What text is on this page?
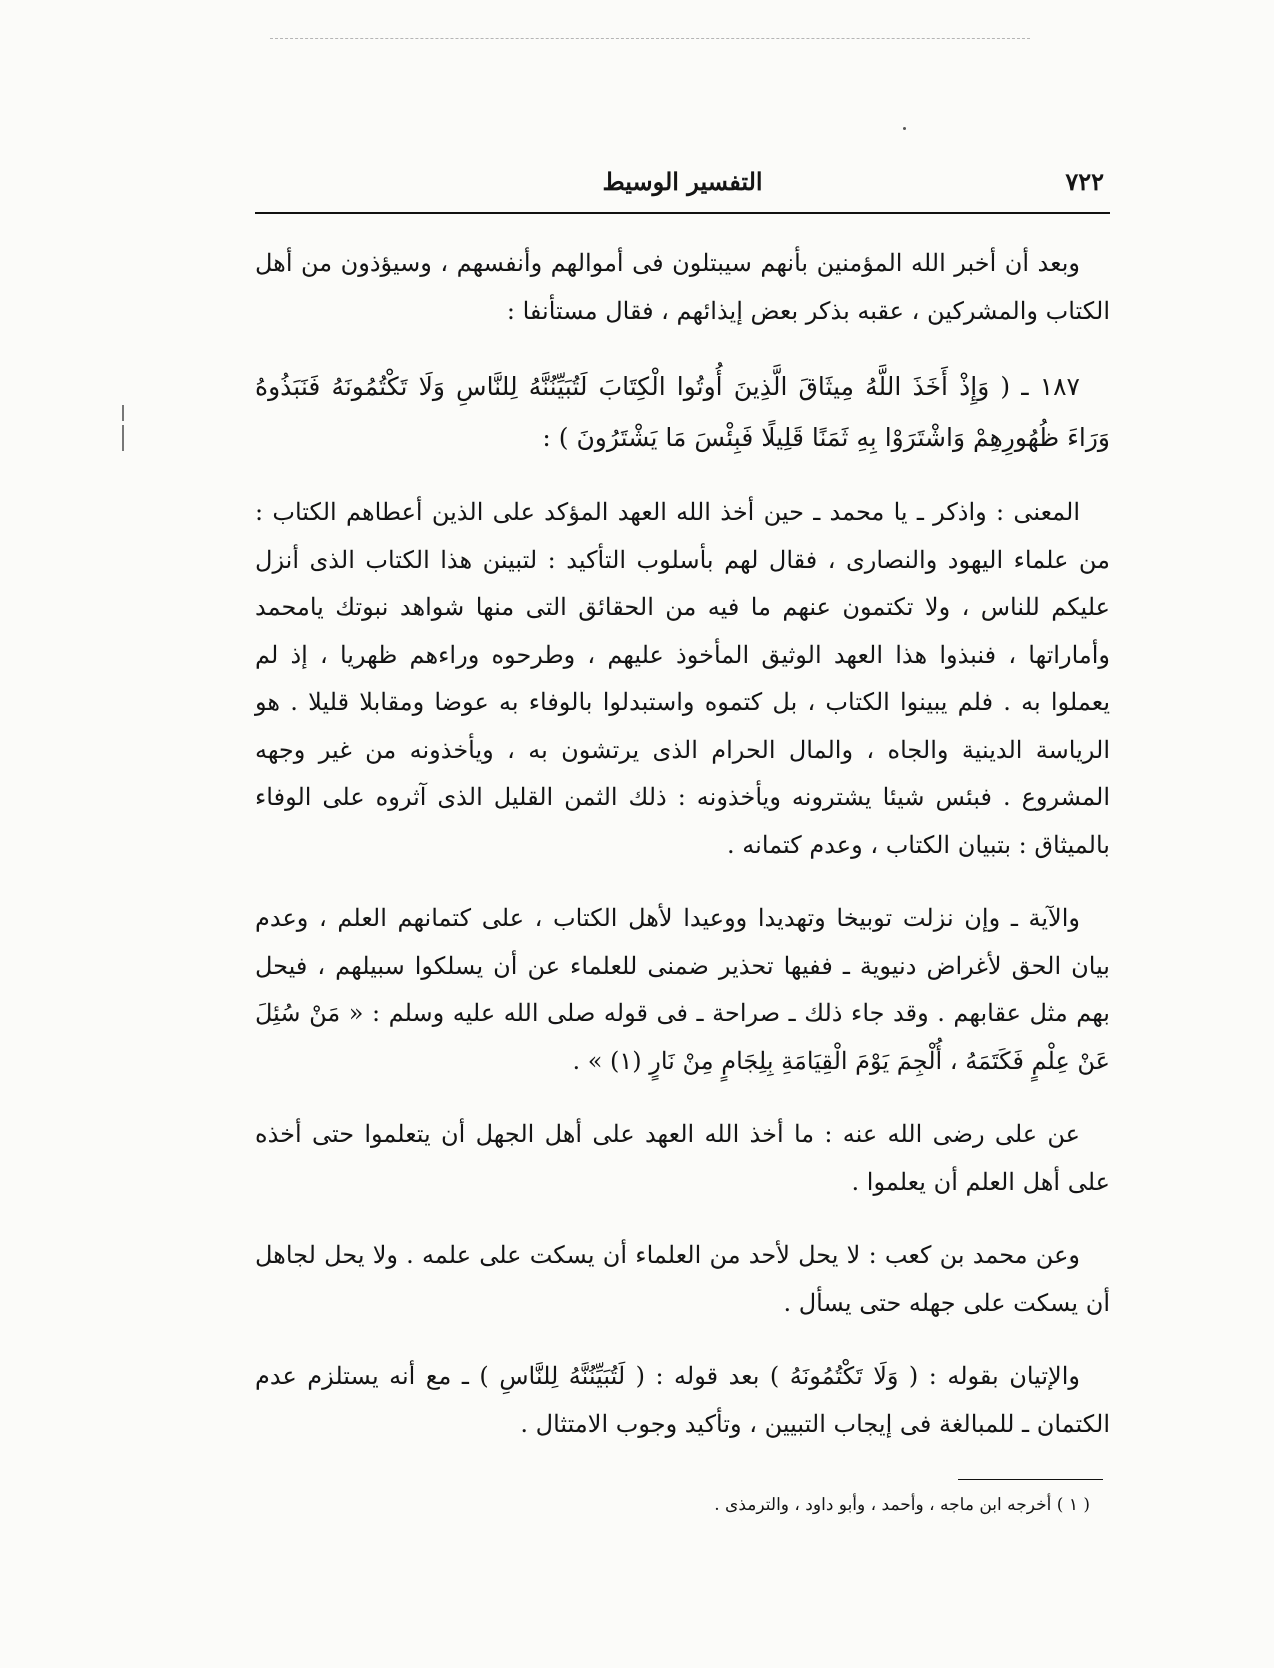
٧٢٢
التفسير الوسيط

وبعد أن أخبر الله المؤمنين بأنهم سيبتلون فى أموالهم وأنفسهم ، وسيؤذون من أهل الكتاب والمشركين ، عقبه بذكر بعض إيذائهم ، فقال مستأنفا :

١٨٧ ـ ( وَإِذْ أَخَذَ اللَّهُ مِيثَاقَ الَّذِينَ أُوتُوا الْكِتَابَ لَتُبَيِّنُنَّهُ لِلنَّاسِ وَلَا تَكْتُمُونَهُ فَنَبَذُوهُ وَرَاءَ ظُهُورِهِمْ وَاشْتَرَوْا بِهِ ثَمَنًا قَلِيلًا فَبِئْسَ مَا يَشْتَرُونَ ) :

المعنى : واذكر ـ يا محمد ـ حين أخذ الله العهد المؤكد على الذين أعطاهم الكتاب : من علماء اليهود والنصارى ، فقال لهم بأسلوب التأكيد : لتبينن هذا الكتاب الذى أنزل عليكم للناس ، ولا تكتمون عنهم ما فيه من الحقائق التى منها شواهد نبوتك يامحمد وأماراتها ، فنبذوا هذا العهد الوثيق المأخوذ عليهم ، وطرحوه وراءهم ظهريا ، إذ لم يعملوا به . فلم يبينوا الكتاب ، بل كتموه واستبدلوا بالوفاء به عوضا ومقابلا قليلا . هو الرياسة الدينية والجاه ، والمال الحرام الذى يرتشون به ، ويأخذونه من غير وجهه المشروع . فبئس شيئا يشترونه ويأخذونه : ذلك الثمن القليل الذى آثروه على الوفاء بالميثاق : بتبيان الكتاب ، وعدم كتمانه .

والآية ـ وإن نزلت توبيخا وتهديدا ووعيدا لأهل الكتاب ، على كتمانهم العلم ، وعدم بيان الحق لأغراض دنيوية ـ ففيها تحذير ضمنى للعلماء عن أن يسلكوا سبيلهم ، فيحل بهم مثل عقابهم . وقد جاء ذلك ـ صراحة ـ فى قوله صلى الله عليه وسلم : « مَنْ سُئِلَ عَنْ عِلْمٍ فَكَتَمَهُ ، أُلْجِمَ يَوْمَ الْقِيَامَةِ بِلِجَامٍ مِنْ نَارٍ (١) » .

عن على رضى الله عنه : ما أخذ الله العهد على أهل الجهل أن يتعلموا حتى أخذه على أهل العلم أن يعلموا .

وعن محمد بن كعب : لا يحل لأحد من العلماء أن يسكت على علمه . ولا يحل لجاهل أن يسكت على جهله حتى يسأل .

والإتيان بقوله : ( وَلَا تَكْتُمُونَهُ ) بعد قوله : ( لَتُبَيِّنُنَّهُ لِلنَّاسِ ) ـ مع أنه يستلزم عدم الكتمان ـ للمبالغة فى إيجاب التبيين ، وتأكيد وجوب الامتثال .

( ١ ) أخرجه ابن ماجه ، وأحمد ، وأبو داود ، والترمذى .
